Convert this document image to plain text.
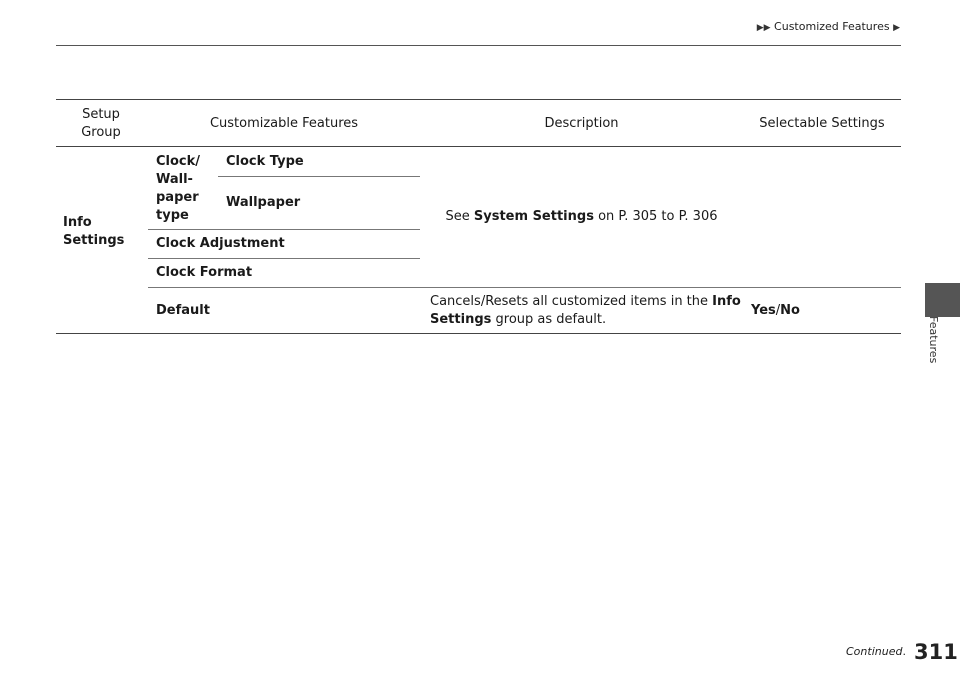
▶▶ Customized Features ▶
Features
Setup
Group
Customizable Features	Description	Selectable Settings
Info
Settings
Clock/
Wall-
paper
type
Clock Type
Wallpaper
Clock Adjustment
Clock Format
See System Settings on P. 305 to P. 306
Default
Cancels/Resets all customized items in the Info
Settings group as default.
Yes/No
Continued. 311
